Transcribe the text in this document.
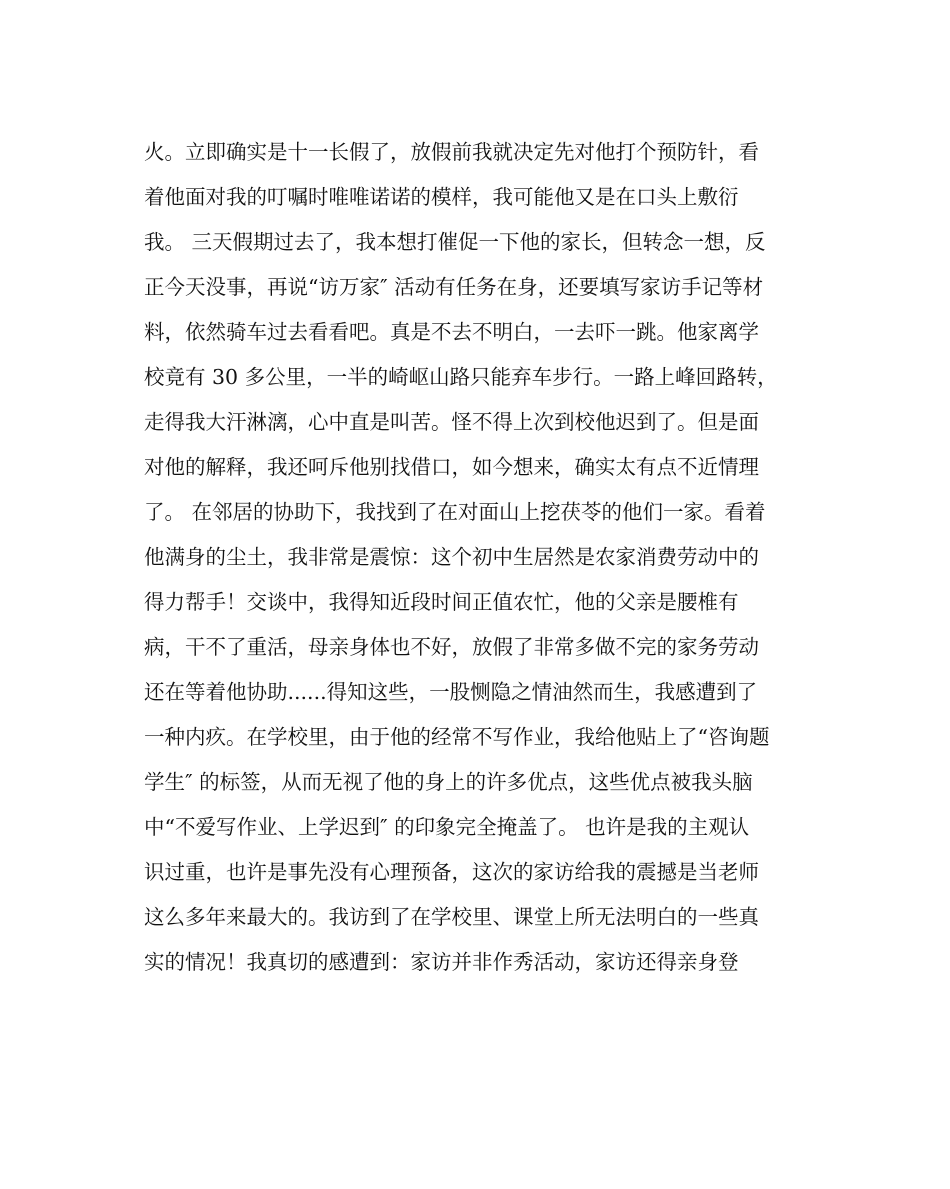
火。立即确实是十一长假了，放假前我就决定先对他打个预防针，看
着他面对我的叮嘱时唯唯诺诺的模样，我可能他又是在口头上敷衍
我。 三天假期过去了，我本想打催促一下他的家长，但转念一想，反
正今天没事，再说“访万家″ 活动有任务在身，还要填写家访手记等材
料，依然骑车过去看看吧。真是不去不明白，一去吓一跳。他家离学
校竟有 30 多公里，一半的崎岖山路只能弃车步行。一路上峰回路转，
走得我大汗淋漓，心中直是叫苦。怪不得上次到校他迟到了。但是面
对他的解释，我还呵斥他别找借口，如今想来，确实太有点不近情理
了。 在邻居的协助下，我找到了在对面山上挖茯苓的他们一家。看着
他满身的尘土，我非常是震惊：这个初中生居然是农家消费劳动中的
得力帮手！交谈中，我得知近段时间正值农忙，他的父亲是腰椎有
病，干不了重活，母亲身体也不好，放假了非常多做不完的家务劳动
还在等着他协助......得知这些，一股恻隐之情油然而生，我感遭到了
一种内疚。在学校里，由于他的经常不写作业，我给他贴上了“咨询题
学生″ 的标签，从而无视了他的身上的许多优点，这些优点被我头脑
中“不爱写作业、上学迟到″ 的印象完全掩盖了。 也许是我的主观认
识过重，也许是事先没有心理预备，这次的家访给我的震撼是当老师
这么多年来最大的。我访到了在学校里、课堂上所无法明白的一些真
实的情况！我真切的感遭到：家访并非作秀活动，家访还得亲身登
